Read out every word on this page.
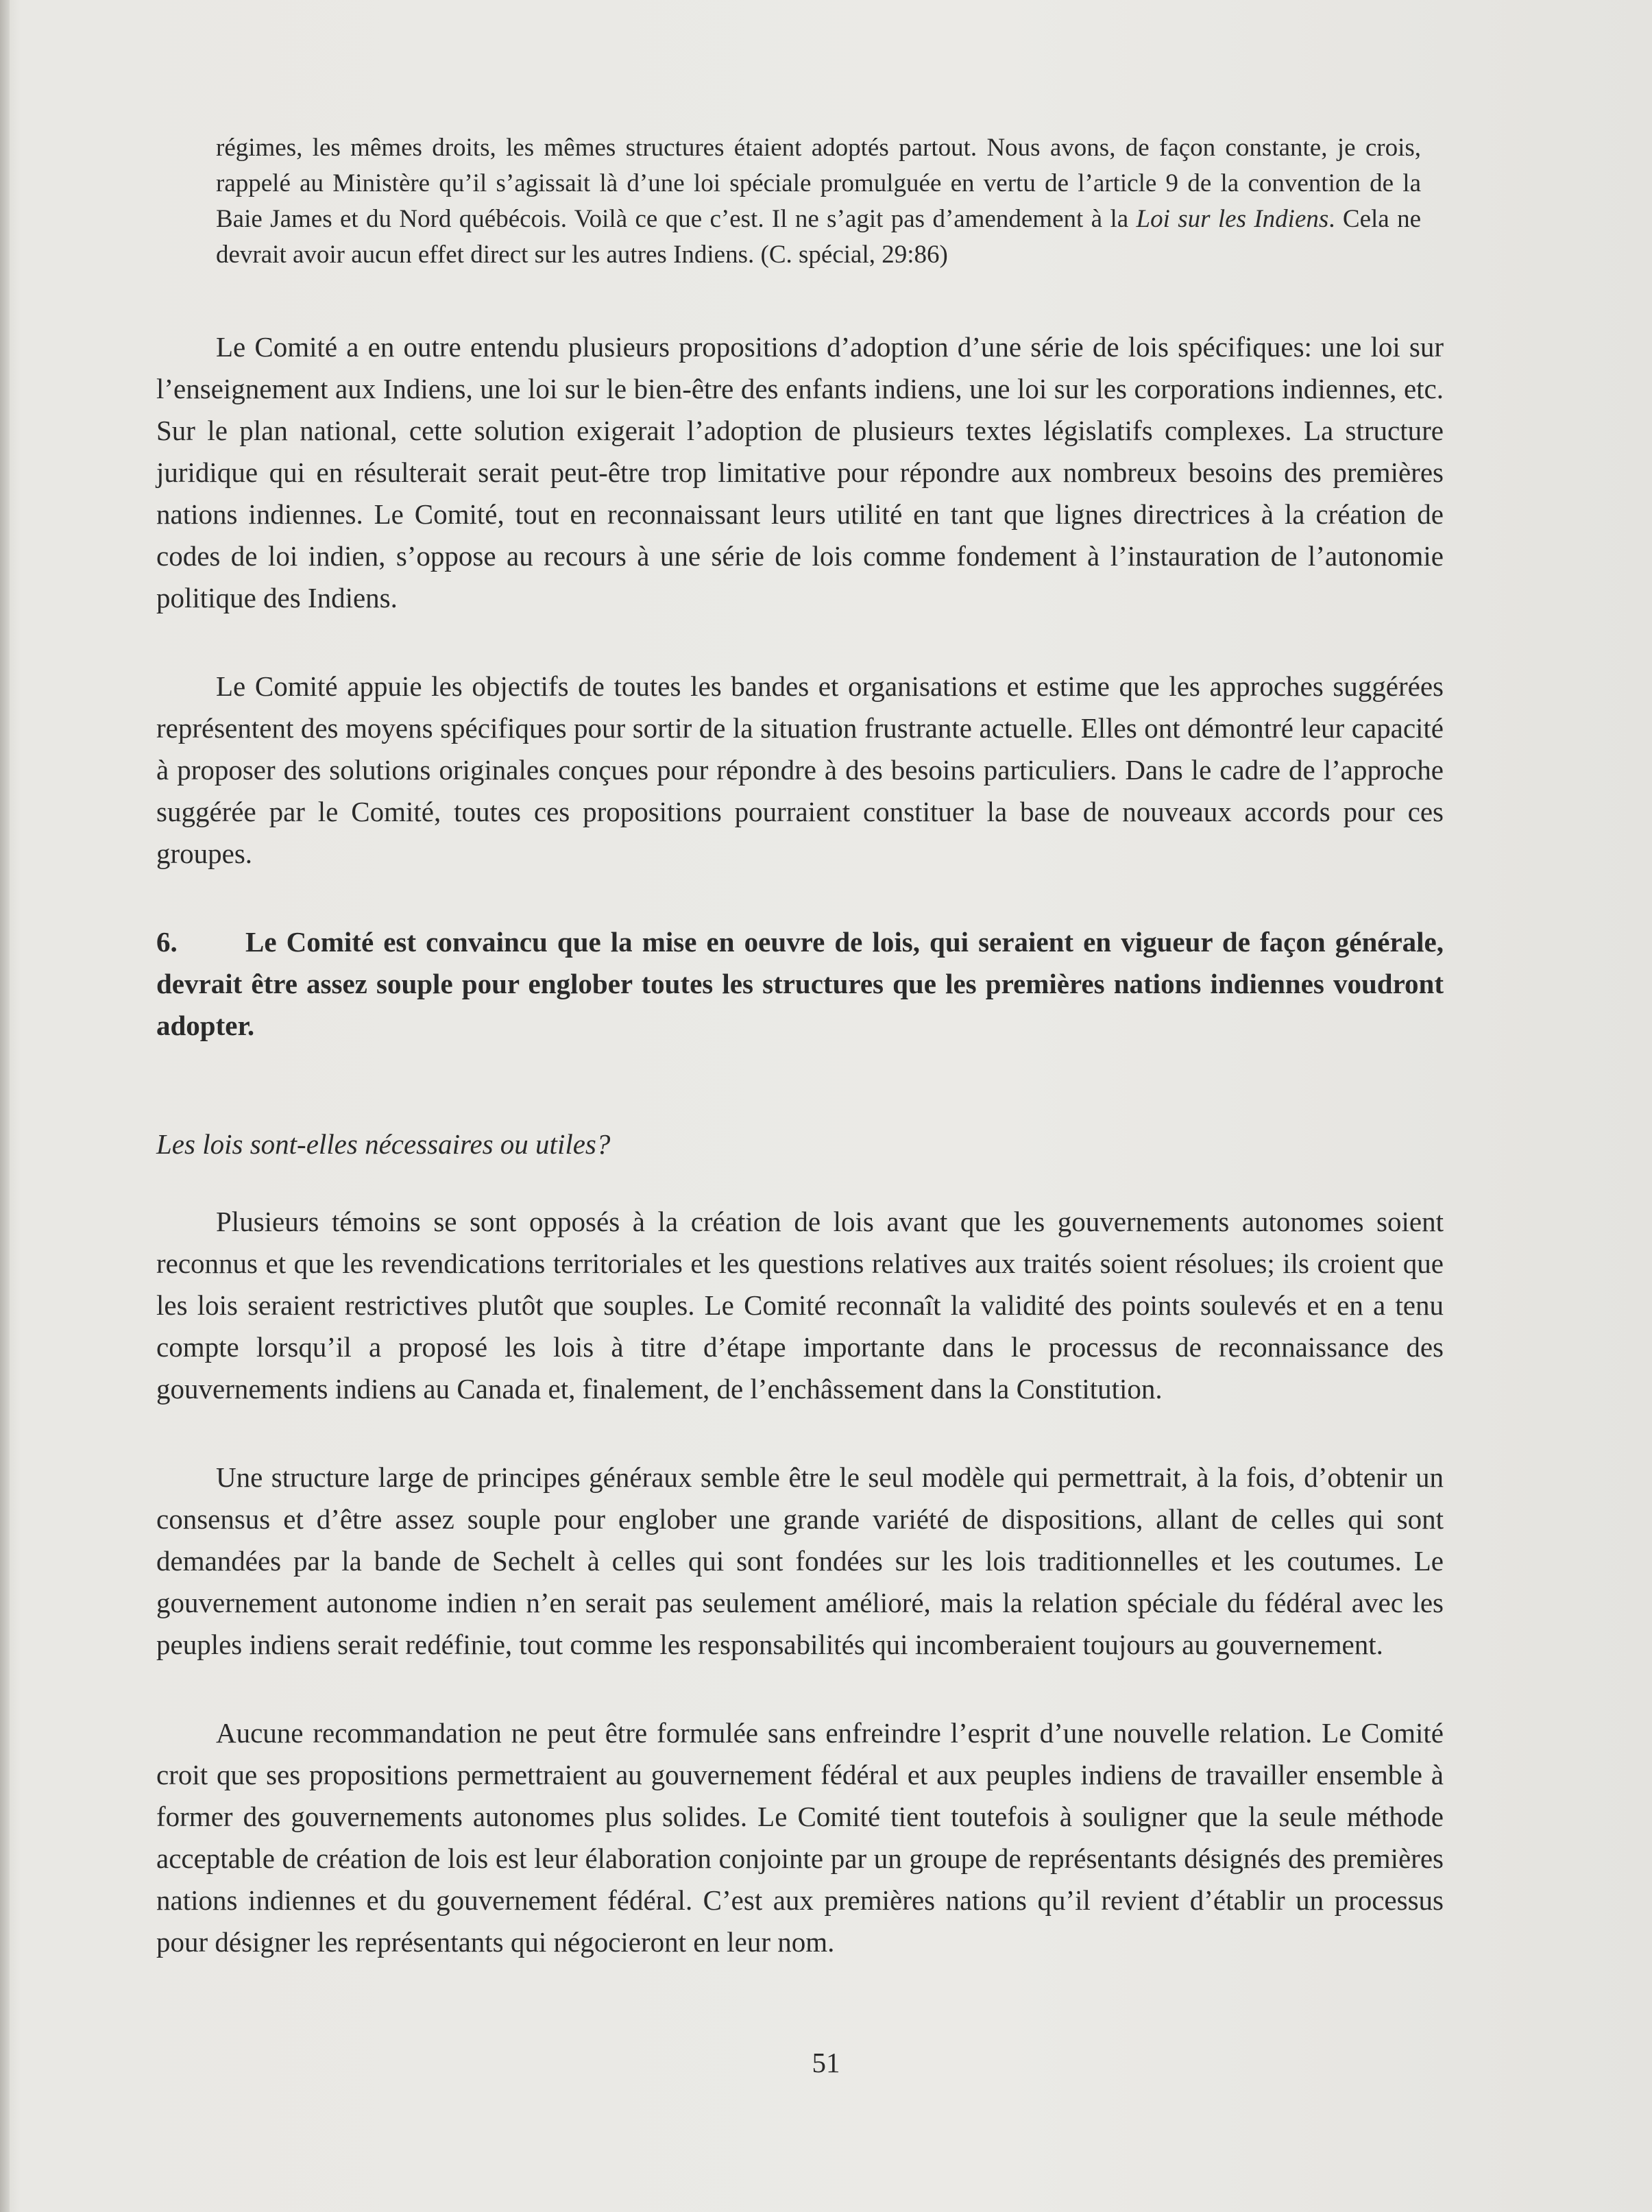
régimes, les mêmes droits, les mêmes structures étaient adoptés partout. Nous avons, de façon constante, je crois, rappelé au Ministère qu’il s’agissait là d’une loi spéciale promulguée en vertu de l’article 9 de la convention de la Baie James et du Nord québécois. Voilà ce que c’est. Il ne s’agit pas d’amendement à la Loi sur les Indiens. Cela ne devrait avoir aucun effet direct sur les autres Indiens. (C. spécial, 29:86)

Le Comité a en outre entendu plusieurs propositions d’adoption d’une série de lois spécifiques: une loi sur l’enseignement aux Indiens, une loi sur le bien-être des enfants indiens, une loi sur les corporations indiennes, etc. Sur le plan national, cette solution exigerait l’adoption de plusieurs textes législatifs complexes. La structure juridique qui en résulterait serait peut-être trop limitative pour répondre aux nombreux besoins des premières nations indiennes. Le Comité, tout en reconnaissant leurs utilité en tant que lignes directrices à la création de codes de loi indien, s’oppose au recours à une série de lois comme fondement à l’instauration de l’autonomie politique des Indiens.

Le Comité appuie les objectifs de toutes les bandes et organisations et estime que les approches suggérées représentent des moyens spécifiques pour sortir de la situation frustrante actuelle. Elles ont démontré leur capacité à proposer des solutions originales conçues pour répondre à des besoins particuliers. Dans le cadre de l’approche suggérée par le Comité, toutes ces propositions pourraient constituer la base de nouveaux accords pour ces groupes.

6. Le Comité est convaincu que la mise en oeuvre de lois, qui seraient en vigueur de façon générale, devrait être assez souple pour englober toutes les structures que les premières nations indiennes voudront adopter.

Les lois sont-elles nécessaires ou utiles?

Plusieurs témoins se sont opposés à la création de lois avant que les gouvernements autonomes soient reconnus et que les revendications territoriales et les questions relatives aux traités soient résolues; ils croient que les lois seraient restrictives plutôt que souples. Le Comité reconnaît la validité des points soulevés et en a tenu compte lorsqu’il a proposé les lois à titre d’étape importante dans le processus de reconnaissance des gouvernements indiens au Canada et, finalement, de l’enchâssement dans la Constitution.

Une structure large de principes généraux semble être le seul modèle qui permettrait, à la fois, d’obtenir un consensus et d’être assez souple pour englober une grande variété de dispositions, allant de celles qui sont demandées par la bande de Sechelt à celles qui sont fondées sur les lois traditionnelles et les coutumes. Le gouvernement autonome indien n’en serait pas seulement amélioré, mais la relation spéciale du fédéral avec les peuples indiens serait redéfinie, tout comme les responsabilités qui incomberaient toujours au gouvernement.

Aucune recommandation ne peut être formulée sans enfreindre l’esprit d’une nouvelle relation. Le Comité croit que ses propositions permettraient au gouvernement fédéral et aux peuples indiens de travailler ensemble à former des gouvernements autonomes plus solides. Le Comité tient toutefois à souligner que la seule méthode acceptable de création de lois est leur élaboration conjointe par un groupe de représentants désignés des premières nations indiennes et du gouvernement fédéral. C’est aux premières nations qu’il revient d’établir un processus pour désigner les représentants qui négocieront en leur nom.

51
